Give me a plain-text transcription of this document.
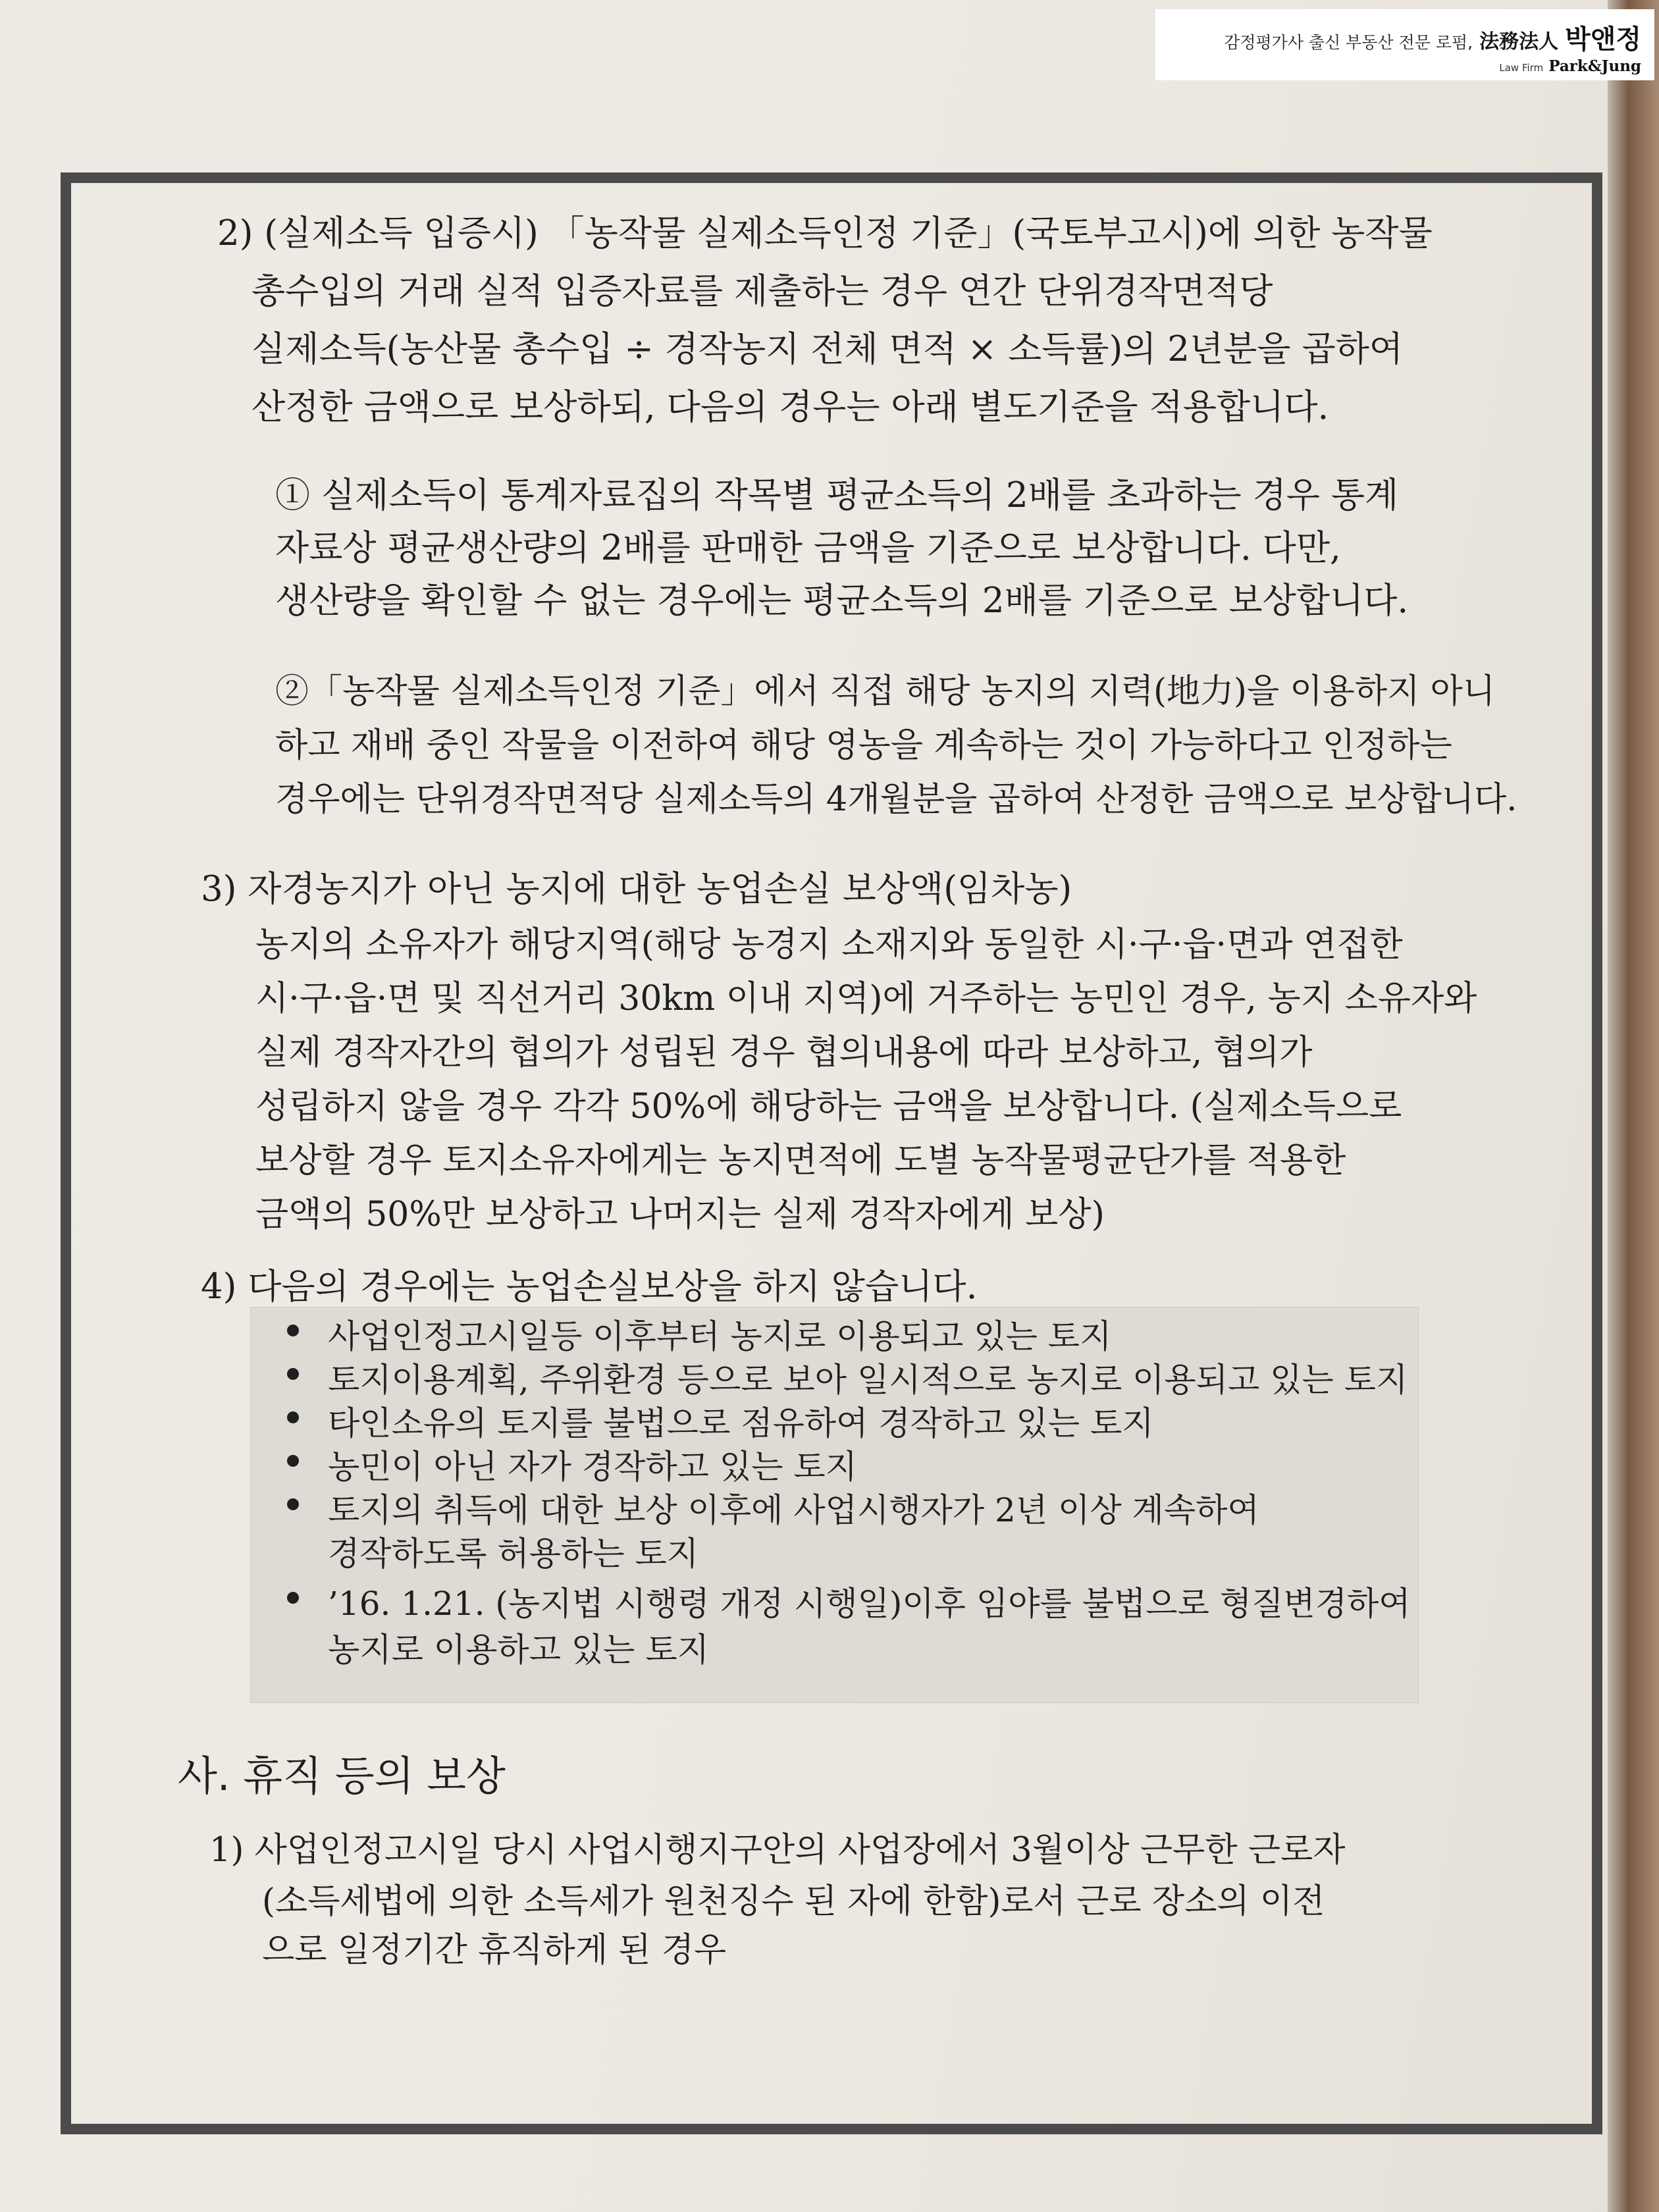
감정평가사 출신 부동산 전문 로펌, 法務法人 박앤정
Law Firm Park&Jung
2) (실제소득 입증시) 「농작물 실제소득인정 기준」(국토부고시)에 의한 농작물
총수입의 거래 실적 입증자료를 제출하는 경우 연간 단위경작면적당
실제소득(농산물 총수입 ÷ 경작농지 전체 면적 × 소득률)의 2년분을 곱하여
산정한 금액으로 보상하되, 다음의 경우는 아래 별도기준을 적용합니다.
① 실제소득이 통계자료집의 작목별 평균소득의 2배를 초과하는 경우 통계
자료상 평균생산량의 2배를 판매한 금액을 기준으로 보상합니다. 다만,
생산량을 확인할 수 없는 경우에는 평균소득의 2배를 기준으로 보상합니다.
②「농작물 실제소득인정 기준」에서 직접 해당 농지의 지력(地力)을 이용하지 아니
하고 재배 중인 작물을 이전하여 해당 영농을 계속하는 것이 가능하다고 인정하는
경우에는 단위경작면적당 실제소득의 4개월분을 곱하여 산정한 금액으로 보상합니다.
3) 자경농지가 아닌 농지에 대한 농업손실 보상액(임차농)
농지의 소유자가 해당지역(해당 농경지 소재지와 동일한 시·구·읍·면과 연접한
시·구·읍·면 및 직선거리 30km 이내 지역)에 거주하는 농민인 경우, 농지 소유자와
실제 경작자간의 협의가 성립된 경우 협의내용에 따라 보상하고, 협의가
성립하지 않을 경우 각각 50%에 해당하는 금액을 보상합니다. (실제소득으로
보상할 경우 토지소유자에게는 농지면적에 도별 농작물평균단가를 적용한
금액의 50%만 보상하고 나머지는 실제 경작자에게 보상)
4) 다음의 경우에는 농업손실보상을 하지 않습니다.
사업인정고시일등 이후부터 농지로 이용되고 있는 토지
토지이용계획, 주위환경 등으로 보아 일시적으로 농지로 이용되고 있는 토지
타인소유의 토지를 불법으로 점유하여 경작하고 있는 토지
농민이 아닌 자가 경작하고 있는 토지
토지의 취득에 대한 보상 이후에 사업시행자가 2년 이상 계속하여
경작하도록 허용하는 토지
’16. 1.21. (농지법 시행령 개정 시행일)이후 임야를 불법으로 형질변경하여
농지로 이용하고 있는 토지
사. 휴직 등의 보상
1) 사업인정고시일 당시 사업시행지구안의 사업장에서 3월이상 근무한 근로자
(소득세법에 의한 소득세가 원천징수 된 자에 한함)로서 근로 장소의 이전
으로 일정기간 휴직하게 된 경우
